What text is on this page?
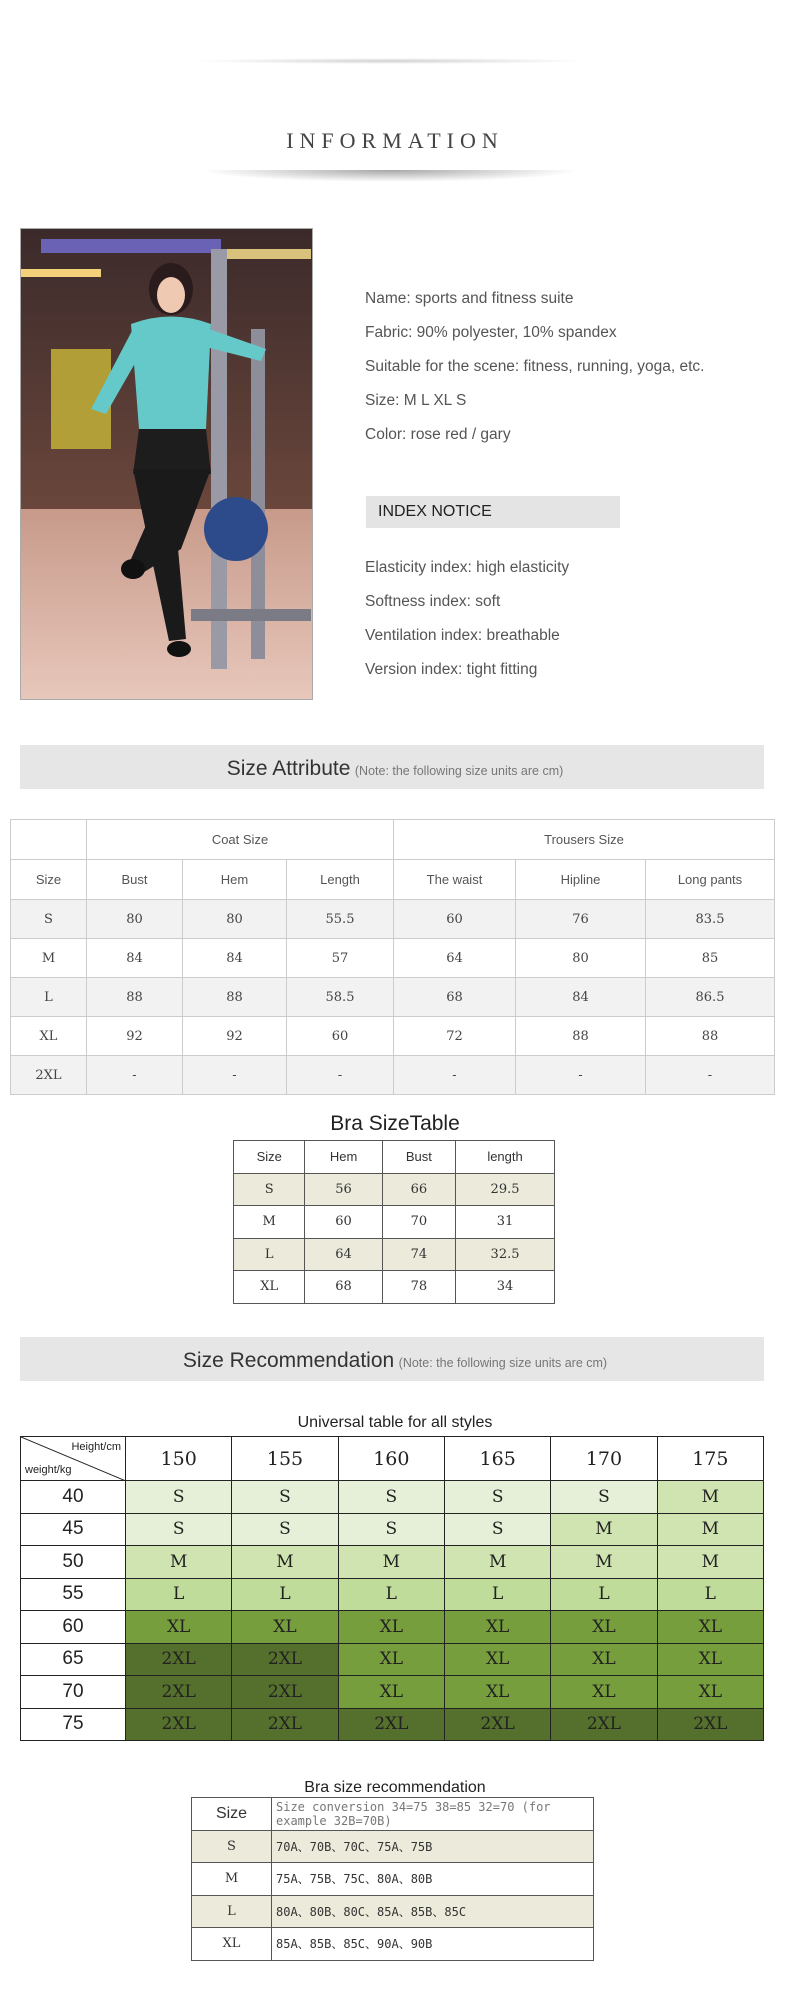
INFORMATION
Name: sports and fitness suite
Fabric: 90% polyester, 10% spandex
Suitable for the scene: fitness, running, yoga, etc.
Size: M L XL S
Color: rose red / gary
INDEX NOTICE
Elasticity index: high elasticity
Softness index: soft
Ventilation index: breathable
Version index: tight fitting
Size Attribute (Note: the following size units are cm)
	Coat Size			Trousers Size		
Size	Bust	Hem	Length	The waist	Hipline	Long pants
S	80	80	55.5	60	76	83.5
M	84	84	57	64	80	85
L	88	88	58.5	68	84	86.5
XL	92	92	60	72	88	88
2XL	-	-	-	-	-	-
Bra SizeTable
Size	Hem	Bust	length
S	56	66	29.5
M	60	70	31
L	64	74	32.5
XL	68	78	34
Size Recommendation (Note: the following size units are cm)
Universal table for all styles
Height/cm
weight/kg	150	155	160	165	170	175
40	S	S	S	S	S	M
45	S	S	S	S	M	M
50	M	M	M	M	M	M
55	L	L	L	L	L	L
60	XL	XL	XL	XL	XL	XL
65	2XL	2XL	XL	XL	XL	XL
70	2XL	2XL	XL	XL	XL	XL
75	2XL	2XL	2XL	2XL	2XL	2XL
Bra size recommendation
Size	Size conversion 34=75 38=85 32=70 (for example 32B=70B)
S	70A、70B、70C、75A、75B
M	75A、75B、75C、80A、80B
L	80A、80B、80C、85A、85B、85C
XL	85A、85B、85C、90A、90B
